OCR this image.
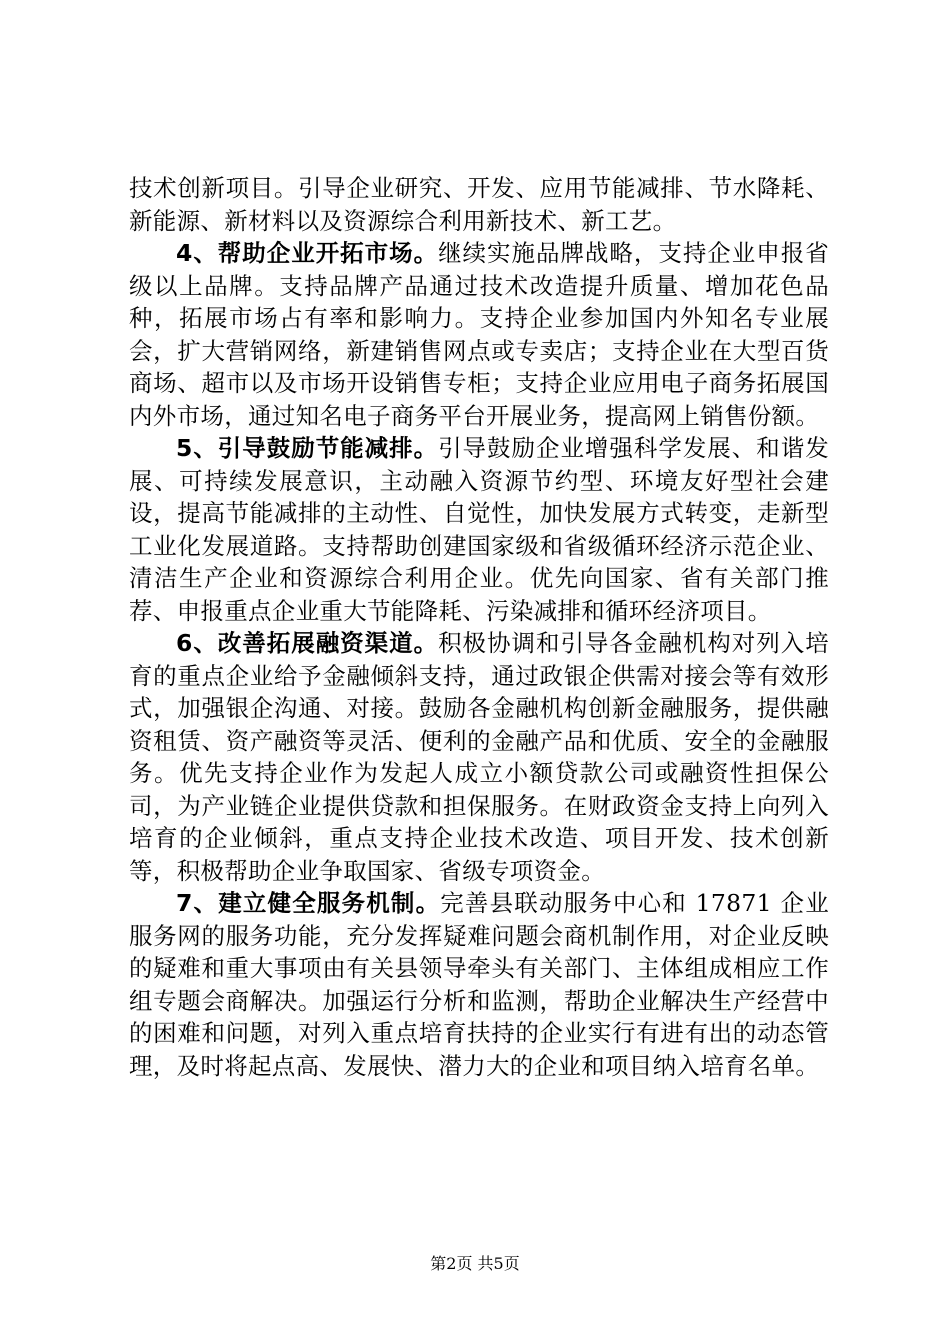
技术创新项目。引导企业研究、开发、应用节能减排、节水降耗、新能源、新材料以及资源综合利用新技术、新工艺。

4、帮助企业开拓市场。继续实施品牌战略，支持企业申报省级以上品牌。支持品牌产品通过技术改造提升质量、增加花色品种，拓展市场占有率和影响力。支持企业参加国内外知名专业展会，扩大营销网络，新建销售网点或专卖店；支持企业在大型百货商场、超市以及市场开设销售专柜；支持企业应用电子商务拓展国内外市场，通过知名电子商务平台开展业务，提高网上销售份额。

5、引导鼓励节能减排。引导鼓励企业增强科学发展、和谐发展、可持续发展意识，主动融入资源节约型、环境友好型社会建设，提高节能减排的主动性、自觉性，加快发展方式转变，走新型工业化发展道路。支持帮助创建国家级和省级循环经济示范企业、清洁生产企业和资源综合利用企业。优先向国家、省有关部门推荐、申报重点企业重大节能降耗、污染减排和循环经济项目。

6、改善拓展融资渠道。积极协调和引导各金融机构对列入培育的重点企业给予金融倾斜支持，通过政银企供需对接会等有效形式，加强银企沟通、对接。鼓励各金融机构创新金融服务，提供融资租赁、资产融资等灵活、便利的金融产品和优质、安全的金融服务。优先支持企业作为发起人成立小额贷款公司或融资性担保公司，为产业链企业提供贷款和担保服务。在财政资金支持上向列入培育的企业倾斜，重点支持企业技术改造、项目开发、技术创新等，积极帮助企业争取国家、省级专项资金。

7、建立健全服务机制。完善县联动服务中心和 17871 企业服务网的服务功能，充分发挥疑难问题会商机制作用，对企业反映的疑难和重大事项由有关县领导牵头有关部门、主体组成相应工作组专题会商解决。加强运行分析和监测，帮助企业解决生产经营中的困难和问题，对列入重点培育扶持的企业实行有进有出的动态管理，及时将起点高、发展快、潜力大的企业和项目纳入培育名单。

第2页 共5页
